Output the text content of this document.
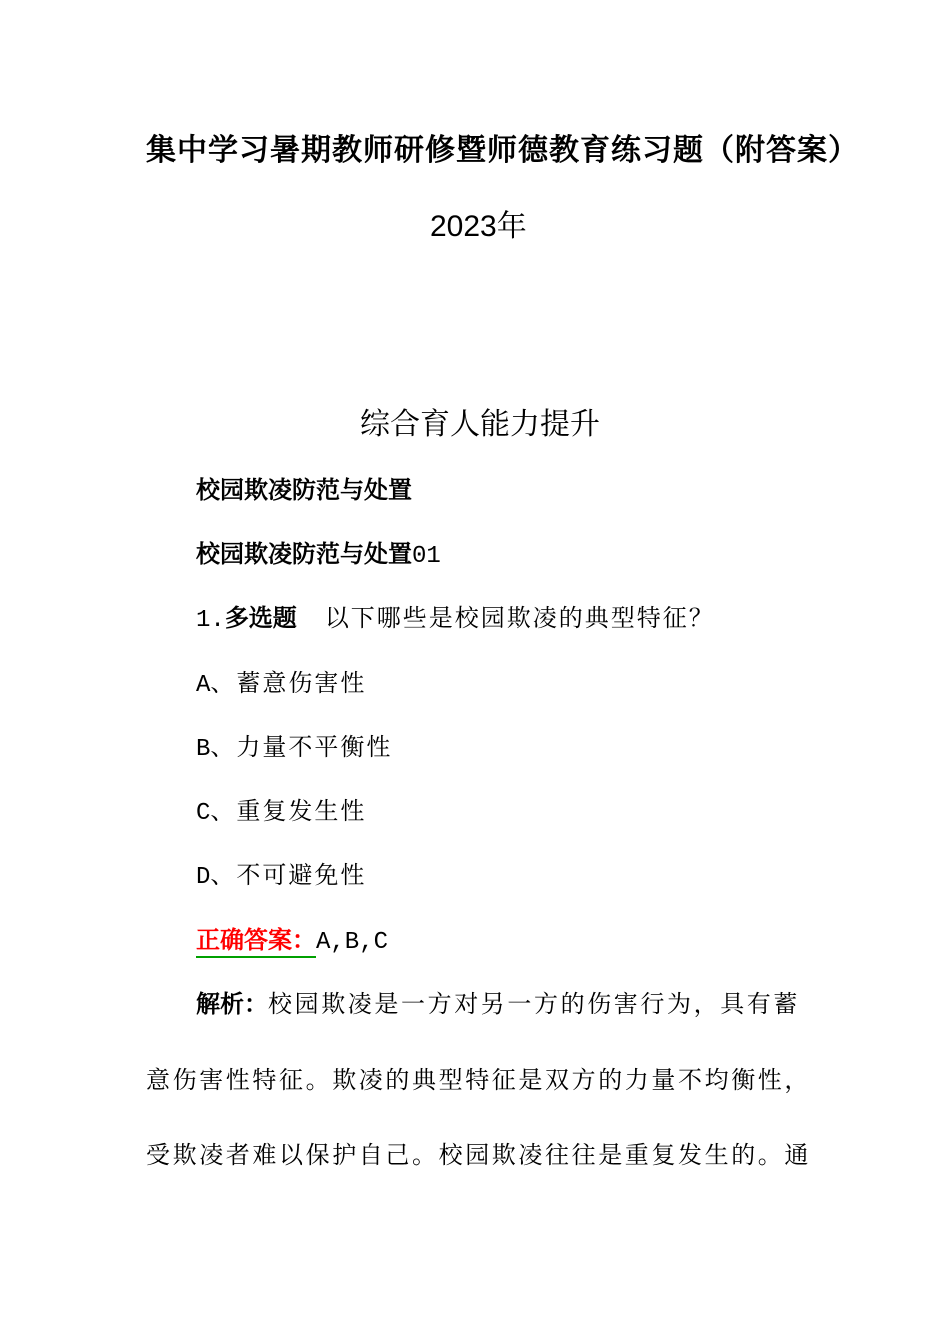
集中学习暑期教师研修暨师德教育练习题（附答案）
2023年
综合育人能力提升
校园欺凌防范与处置
校园欺凌防范与处置01
1.多选题 以下哪些是校园欺凌的典型特征？
A、蓄意伤害性
B、力量不平衡性
C、重复发生性
D、不可避免性
正确答案：A,B,C
解析：校园欺凌是一方对另一方的伤害行为，具有蓄
意伤害性特征。欺凌的典型特征是双方的力量不均衡性，
受欺凌者难以保护自己。校园欺凌往往是重复发生的。通
